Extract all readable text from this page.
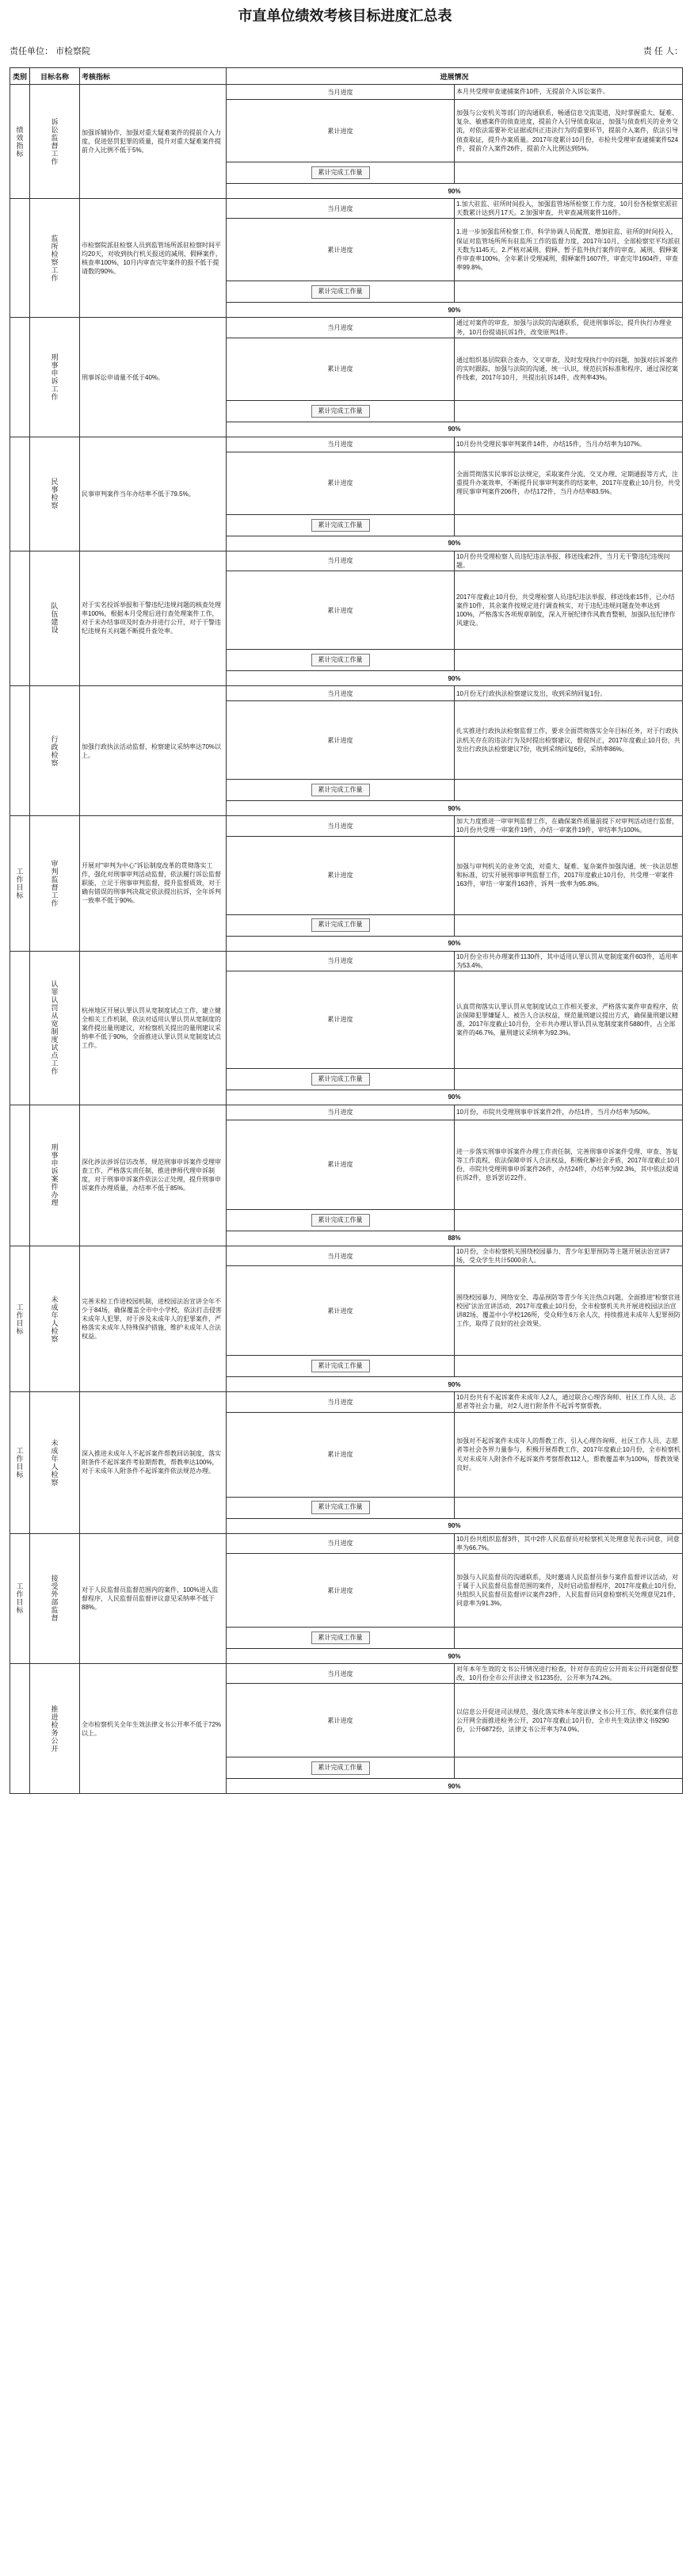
市直单位绩效考核目标进度汇总表
责任单位： 市检察院	责 任 人：
类别	目标名称	考核指标	进展情况	

绩效指标	诉讼监督工作	加强诉辅协作，加强对重大疑难案件的提前介入力度，促进惩罚犯罪的质量，提升对重大疑难案件提前介入比例不低于5%。	当月进度	本月共受理审查逮捕案件10件，无提前介入诉讼案件。
			累计进度	加强与公安机关等部门的沟通联系，畅通信息交流渠道，及时掌握重大、疑难、复杂、敏感案件的侦查进度，提前介入引导侦查取证，加强与侦查机关的业务交流，对依法需要补充证据或纠正违法行为的重要环节，提前介入案件，依法引导侦查取证，提升办案质量。2017年度累计10月份，市检共受理审查逮捕案件524件，提前介入案件26件，提前介入比例达到5%。
			累计完成工作量	
			90%	

	监所检察工作	市检察院派驻检察人员到监管场所派驻检察时间平均20天，对收到执行机关报送的减刑、假释案件，核查率100%，10月内审查完毕案件的报不低于提请数的90%。	当月进度	1.加大驻监、驻所时间投入，加强监管场所检察工作力度，10月份各检察室派驻天数累计达到月17天。2.加强审查，共审查减刑案件116件。
			累计进度	1.进一步加强监所检察工作，科学协调人员配置，增加驻监、驻所的时间投入，保证对监管场所所有驻监所工作的监督力度，2017年10月，全部检察室平均派驻天数为1145天。2.严格对减刑、假释、暂予监外执行案件的审查，减刑、假释案件审查率100%。全年累计受理减刑、假释案件1607件，审查完毕1604件，审查率99.8%。
			累计完成工作量	
			90%	

	刑事申诉工作	刑事诉讼申请量不低于40%。	当月进度	通过对案件的审查，加强与法院的沟通联系，促进刑事诉讼，提升执行办理业务，10月份提请抗诉1件，改变原判1件。
			累计进度	通过组织基层院联合查办，交叉审查，及时发现执行中的问题，加强对抗诉案件的实时跟踪，加强与法院的沟通，统一认识，规范抗诉标准和程序，通过深挖案件线索，2017年10月，共提出抗诉14件，改判率43%。
			累计完成工作量	
			90%	

	民事检察	民事审判案件当年办结率不低于79.5%。	当月进度	10月份共受理民事审判案件14件，办结15件，当月办结率为107%。
			累计进度	全面贯彻落实民事诉讼法规定，采取案件分流、交叉办理、定期通报等方式，注重提升办案效率，不断提升民事审判案件的结案率，2017年度截止10月份，共受理民事审判案件206件，办结172件，当月办结率83.5%。
			累计完成工作量	
			90%	

	队伍建设	对于实名投诉举报和干警违纪违规问题的核查处理率100%，根据本月受理后进行查处理案件工作，对于未办结事项及时查办并进行公开，对于干警违纪违规有关问题不断提升查处率。	当月进度	10月份共受理检察人员违纪违法举报、移送线索2件，当月无干警违纪违规问题。
			累计进度	2017年度截止10月份，共受理检察人员违纪违法举报、移送线索15件，已办结案件10件，其余案件按规定进行调查核实，对于违纪违规问题查处率达到100%，严格落实各项规章制度，深入开展纪律作风教育整顿，加强队伍纪律作风建设。
			累计完成工作量	
			90%	

	行政检察	加强行政执法活动监督，检察建议采纳率达70%以上。	当月进度	10月份无行政执法检察建议发出，收到采纳回复1份。
			累计进度	扎实推进行政执法检察监督工作，要求全面贯彻落实全年目标任务，对于行政执法机关存在的违法行为及时提出检察建议，督促纠正，2017年度截止10月份，共发出行政执法检察建议7份，收到采纳回复6份，采纳率86%。
			累计完成工作量	
			90%	

工作目标	审判监督工作	开展对"审判为中心"诉讼制度改革的贯彻落实工作，强化对刑事审判活动监督，依法履行诉讼监督职能，立足于刑事审判监督，提升监督质效，对于确有错误的刑事判决裁定依法提出抗诉，全年诉判一致率不低于90%。	当月进度	加大力度推进一审审判监督工作，在确保案件质量前提下对审判活动进行监督，10月份共受理一审案件19件，办结一审案件19件，审结率为100%。
			累计进度	加强与审判机关的业务交流，对重大、疑难、复杂案件加强沟通，统一执法思想和标准，切实开展刑事审判监督工作，2017年度截止10月份，共受理一审案件163件，审结一审案件163件，诉判一致率为95.8%。
			累计完成工作量	
			90%	

	认罪认罚从宽制度试点工作	杭州地区开展认罪认罚从宽制度试点工作，建立健全相关工作机制，依法对适用认罪认罚从宽制度的案件提出量刑建议，对检察机关提出的量刑建议采纳率不低于90%，全面推进认罪认罚从宽制度试点工作。	当月进度	10月份全市共办理案件1130件，其中适用认罪认罚从宽制度案件603件，适用率为53.4%。
			累计进度	认真贯彻落实认罪认罚从宽制度试点工作相关要求，严格落实案件审查程序，依法保障犯罪嫌疑人、被告人合法权益，规范量刑建议提出方式，确保量刑建议精准，2017年度截止10月份，全市共办理认罪认罚从宽制度案件5880件，占全部案件的46.7%，量刑建议采纳率为92.3%。
			累计完成工作量	
			90%	

	刑事申诉案件办理	深化涉法涉诉信访改革，规范刑事申诉案件受理审查工作，严格落实责任制，推进律师代理申诉制度，对于刑事申诉案件依法公正处理，提升刑事申诉案件办理质量，办结率不低于85%。	当月进度	10月份，市院共受理刑事申诉案件2件，办结1件，当月办结率为50%。
			累计进度	进一步落实刑事申诉案件办理工作责任制，完善刑事申诉案件受理、审查、答复等工作流程，依法保障申诉人合法权益，积极化解社会矛盾，2017年度截止10月份，市院共受理刑事申诉案件26件，办结24件，办结率为92.3%，其中依法提请抗诉2件，息诉罢访22件。
			累计完成工作量	
			88%	

工作目标	未成年人检察	完善未检工作进校园机制，进校园法治宣讲全年不少于84场，确保覆盖全市中小学校，依法打击侵害未成年人犯罪，对于涉及未成年人的犯罪案件，严格落实未成年人特殊保护措施，维护未成年人合法权益。	当月进度	10月份，全市检察机关围绕校园暴力、青少年犯罪预防等主题开展法治宣讲7场，受众学生共计5000余人。
			累计进度	围绕校园暴力、网络安全、毒品预防等青少年关注热点问题，全面推进"检察官进校园"法治宣讲活动，2017年度截止10月份，全市检察机关共开展进校园法治宣讲82场，覆盖中小学校126所，受众师生6万余人次，持续推进未成年人犯罪预防工作，取得了良好的社会效果。
			累计完成工作量	
			90%	

工作目标	未成年人检察	深入推进未成年人不起诉案件帮教回访制度，落实附条件不起诉案件考验期帮教，帮教率达100%，对于未成年人附条件不起诉案件依法规范办理。	当月进度	10月份共有不起诉案件未成年人2人，通过联合心理咨询师、社区工作人员、志愿者等社会力量，对2人进行附条件不起诉考察帮教。
			累计进度	加强对不起诉案件未成年人的帮教工作，引入心理咨询师、社区工作人员、志愿者等社会各界力量参与，积极开展帮教工作，2017年度截止10月份，全市检察机关对未成年人附条件不起诉案件考察帮教112人，帮教覆盖率为100%，帮教效果良好。
			累计完成工作量	
			90%	

工作目标	接受外部监督	对于人民监督员监督范围内的案件，100%进入监督程序，人民监督员监督评议意见采纳率不低于88%。	当月进度	10月份共组织监督3件，其中2件人民监督员对检察机关处理意见表示同意，同意率为66.7%。
			累计进度	加强与人民监督员的沟通联系，及时邀请人民监督员参与案件监督评议活动，对于属于人民监督员监督范围的案件，及时启动监督程序，2017年度截止10月份，共组织人民监督员监督评议案件23件，人民监督员同意检察机关处理意见21件，同意率为91.3%。
			累计完成工作量	
			90%	

	推进检务公开	全市检察机关全年生效法律文书公开率不低于72%以上。	当月进度	对年本年生效的文书公开情况进行检查，针对存在的应公开而未公开问题督促整改，10月份全市公开法律文书1235份，公开率为74.2%。
			累计进度	以信息公开促进司法规范，强化落实终本年度法律文书公开工作，依托案件信息公开网全面推进检务公开，2017年度截止10月份，全市共生效法律文书9290份，公开6872份，法律文书公开率为74.0%。
			累计完成工作量	
			90%	
